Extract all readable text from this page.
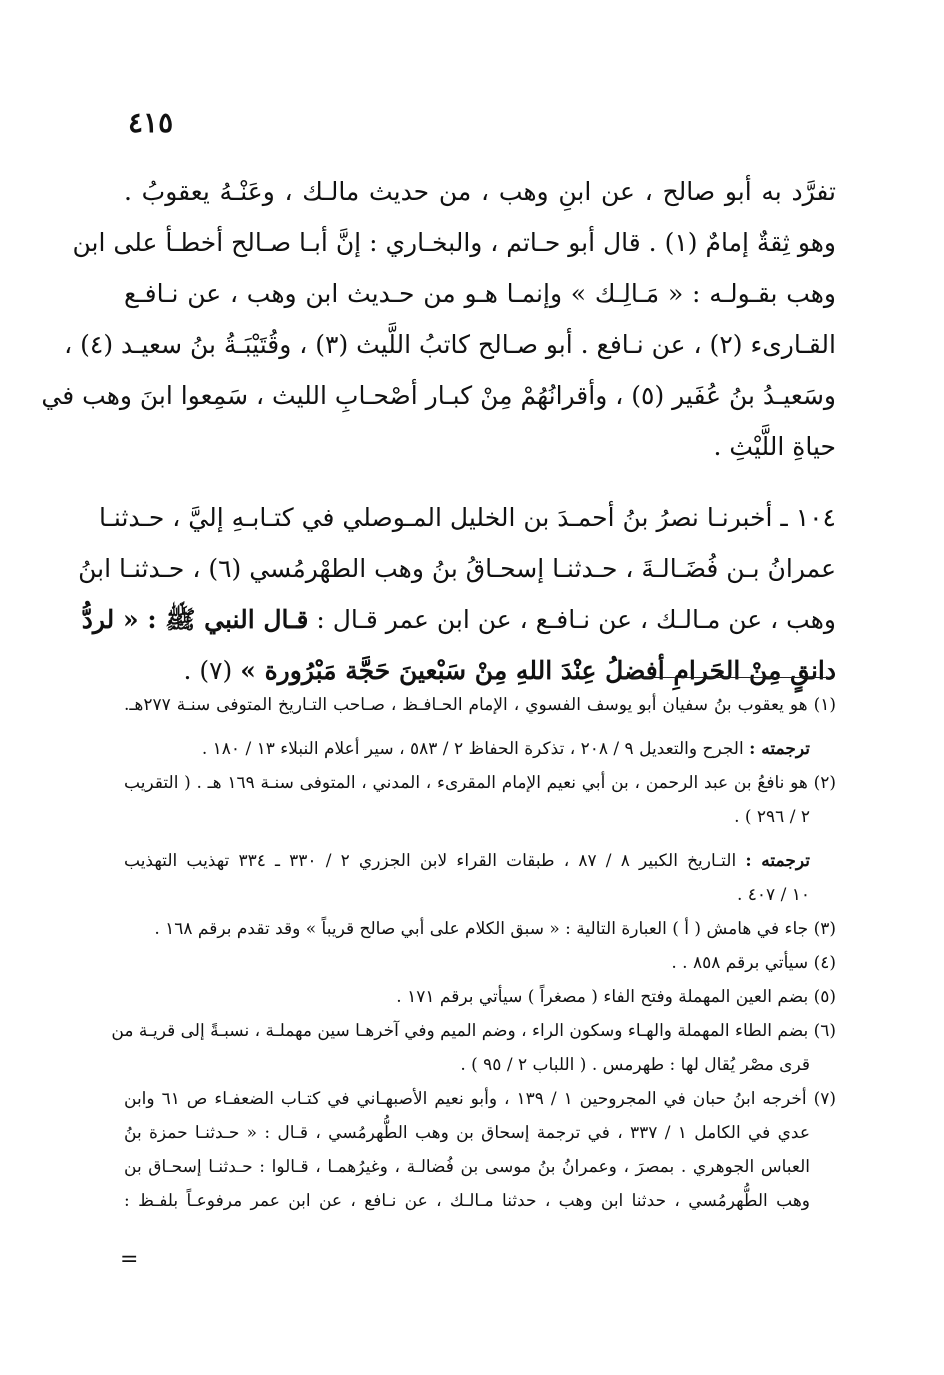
٤١٥
تفرَّد به أبو صالح ، عن ابنِ وهب ، من حديث مالـك ، وعَنْـهُ يعقوبُ .
وهو ثِقةٌ إمامٌ (١) . قال أبو حـاتم ، والبخـاري : إنَّ أبـا صـالح أخطـأ على ابن
وهب بقـولـه : « مَـالِـك » وإنمـا هـو من حـديث ابن وهب ، عن نـافـع
القـارىء (٢) ، عن نـافع . أبو صـالح كاتبُ اللَّيث (٣) ، وقُتَيْبَـةُ بنُ سعيـد (٤) ،
وسَعيـدُ بنُ عُفَير (٥) ، وأقرانُهُمْ مِنْ كبـار أصْحـابِ الليث ، سَمِعوا ابنَ وهب في
حياةِ اللَّيْثِ .
١٠٤ ـ أخبرنـا نصرُ بنُ أحمـدَ بن الخليل المـوصلي في كتـابـهِ إليَّ ، حـدثنـا
عمرانُ بـن فُضَـالـةَ ، حـدثنـا إسحـاقُ بنُ وهب الطهْرمُسي (٦) ، حـدثنـا ابنُ
وهب ، عن مـالـك ، عن نـافـع ، عن ابن عمر قـال : قـال النبي ﷺ : « لردُّ
دانقٍ مِنْ الحَرامِ أفضلُ عِنْدَ اللهِ مِنْ سَبْعينَ حَجَّة مَبْرُورة » (٧) .
(١) هو يعقوب بنُ سفيان أبو يوسف الفسوي ، الإمام الحـافـظ ، صـاحب التـاريخ المتوفى سنـة ٢٧٧هـ.
ترجمته : الجرح والتعديل ٩ / ٢٠٨ ، تذكرة الحفاظ ٢ / ٥٨٣ ، سير أعلام النبلاء ١٣ / ١٨٠ .
(٢) هو نافعُ بن عبد الرحمن ، بن أبي نعيم الإمام المقرىء ، المدني ، المتوفى سنـة ١٦٩ هـ . ( التقريب
٢ / ٢٩٦ ) .
ترجمته : التـاريخ الكبير ٨ / ٨٧ ، طبقات القراء لابن الجزري ٢ / ٣٣٠ ـ ٣٣٤ تهذيب التهذيب
١٠ / ٤٠٧ .
(٣) جاء في هامش ( أ ) العبارة التالية : « سبق الكلام على أبي صالح قريباً » وقد تقدم برقم ١٦٨ .
(٤) سيأتي برقم ٨٥٨ . .
(٥) بضم العين المهملة وفتح الفاء ( مصغراً ) سيأتي برقم ١٧١ .
(٦) بضم الطاء المهملة والهـاء وسكون الراء ، وضم الميم وفي آخرهـا سين مهملـة ، نسبـةً إلى قريـة من
قرى مصْر يُقال لها : طهرمس . ( اللباب ٢ / ٩٥ ) .
(٧) أخرجه ابنُ حبان في المجروحين ١ / ١٣٩ ، وأبو نعيم الأصبهـاني في كتـاب الضعفـاء ص ٦١ وابن
عدي في الكامل ١ / ٣٣٧ ، في ترجمة إسحاق بن وهب الطُّهرمُسي ، قـال : « حـدثنـا حمزة بنُ
العباس الجوهري . بمصرَ ، وعمرانُ بنُ موسى بن فُضالـة ، وغيرُهمـا ، قـالوا : حـدثنـا إسحـاق بن
وهب الطُّهرمُسي ، حدثنا ابن وهب ، حدثنا مـالـك ، عن نـافع ، عن ابن عمر مرفوعـاً بلفـظ :
=
